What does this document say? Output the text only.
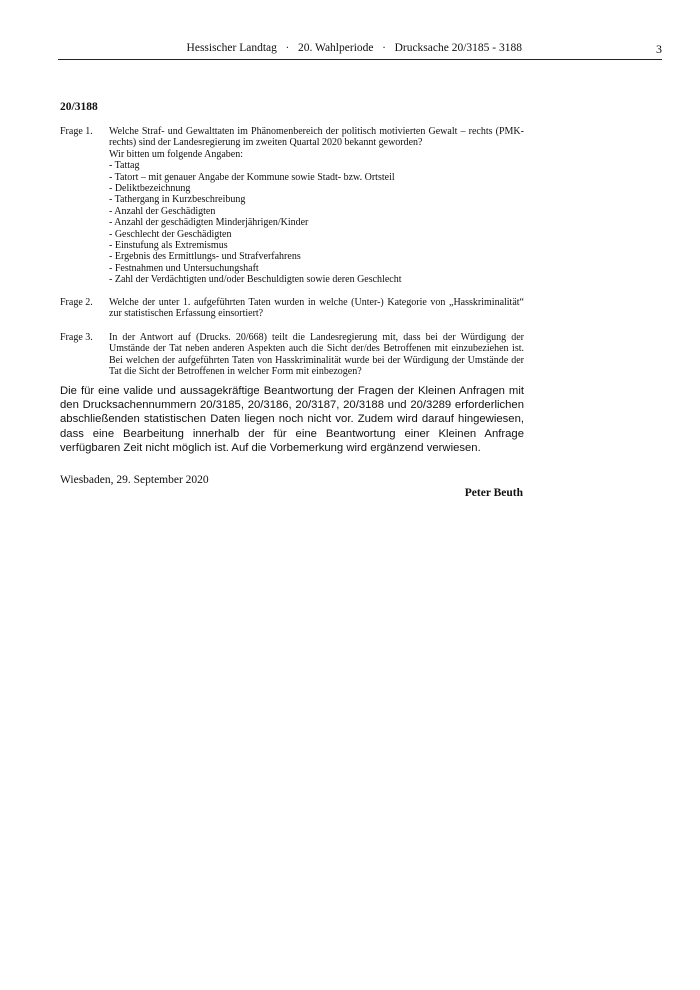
Hessischer Landtag   ·   20. Wahlperiode   ·   Drucksache 20/3185 - 3188	3
20/3188
Frage 1.	Welche Straf- und Gewalttaten im Phänomenbereich der politisch motivierten Gewalt – rechts (PMK- rechts) sind der Landesregierung im zweiten Quartal 2020 bekannt geworden?
Wir bitten um folgende Angaben:
- Tattag
- Tatort – mit genauer Angabe der Kommune sowie Stadt- bzw. Ortsteil
- Deliktbezeichnung
- Tathergang in Kurzbeschreibung
- Anzahl der Geschädigten
- Anzahl der geschädigten Minderjährigen/Kinder
- Geschlecht der Geschädigten
- Einstufung als Extremismus
- Ergebnis des Ermittlungs- und Strafverfahrens
- Festnahmen und Untersuchungshaft
- Zahl der Verdächtigten und/oder Beschuldigten sowie deren Geschlecht
Frage 2.	Welche der unter 1. aufgeführten Taten wurden in welche (Unter-) Kategorie von „Hasskriminalität“ zur statistischen Erfassung einsortiert?
Frage 3.	In der Antwort auf (Drucks. 20/668) teilt die Landesregierung mit, dass bei der Würdigung der Umstände der Tat neben anderen Aspekten auch die Sicht der/des Betroffenen mit einzubeziehen ist. Bei welchen der aufgeführten Taten von Hasskriminalität wurde bei der Würdigung der Umstände der Tat die Sicht der Betroffenen in welcher Form mit einbezogen?
Die für eine valide und aussagekräftige Beantwortung der Fragen der Kleinen Anfragen mit den Drucksachennummern 20/3185, 20/3186, 20/3187, 20/3188 und 20/3289 erforderlichen abschließenden statistischen Daten liegen noch nicht vor. Zudem wird darauf hingewiesen, dass eine Bearbeitung innerhalb der für eine Beantwortung einer Kleinen Anfrage verfügbaren Zeit nicht möglich ist. Auf die Vorbemerkung wird ergänzend verwiesen.
Wiesbaden, 29. September 2020
Peter Beuth
